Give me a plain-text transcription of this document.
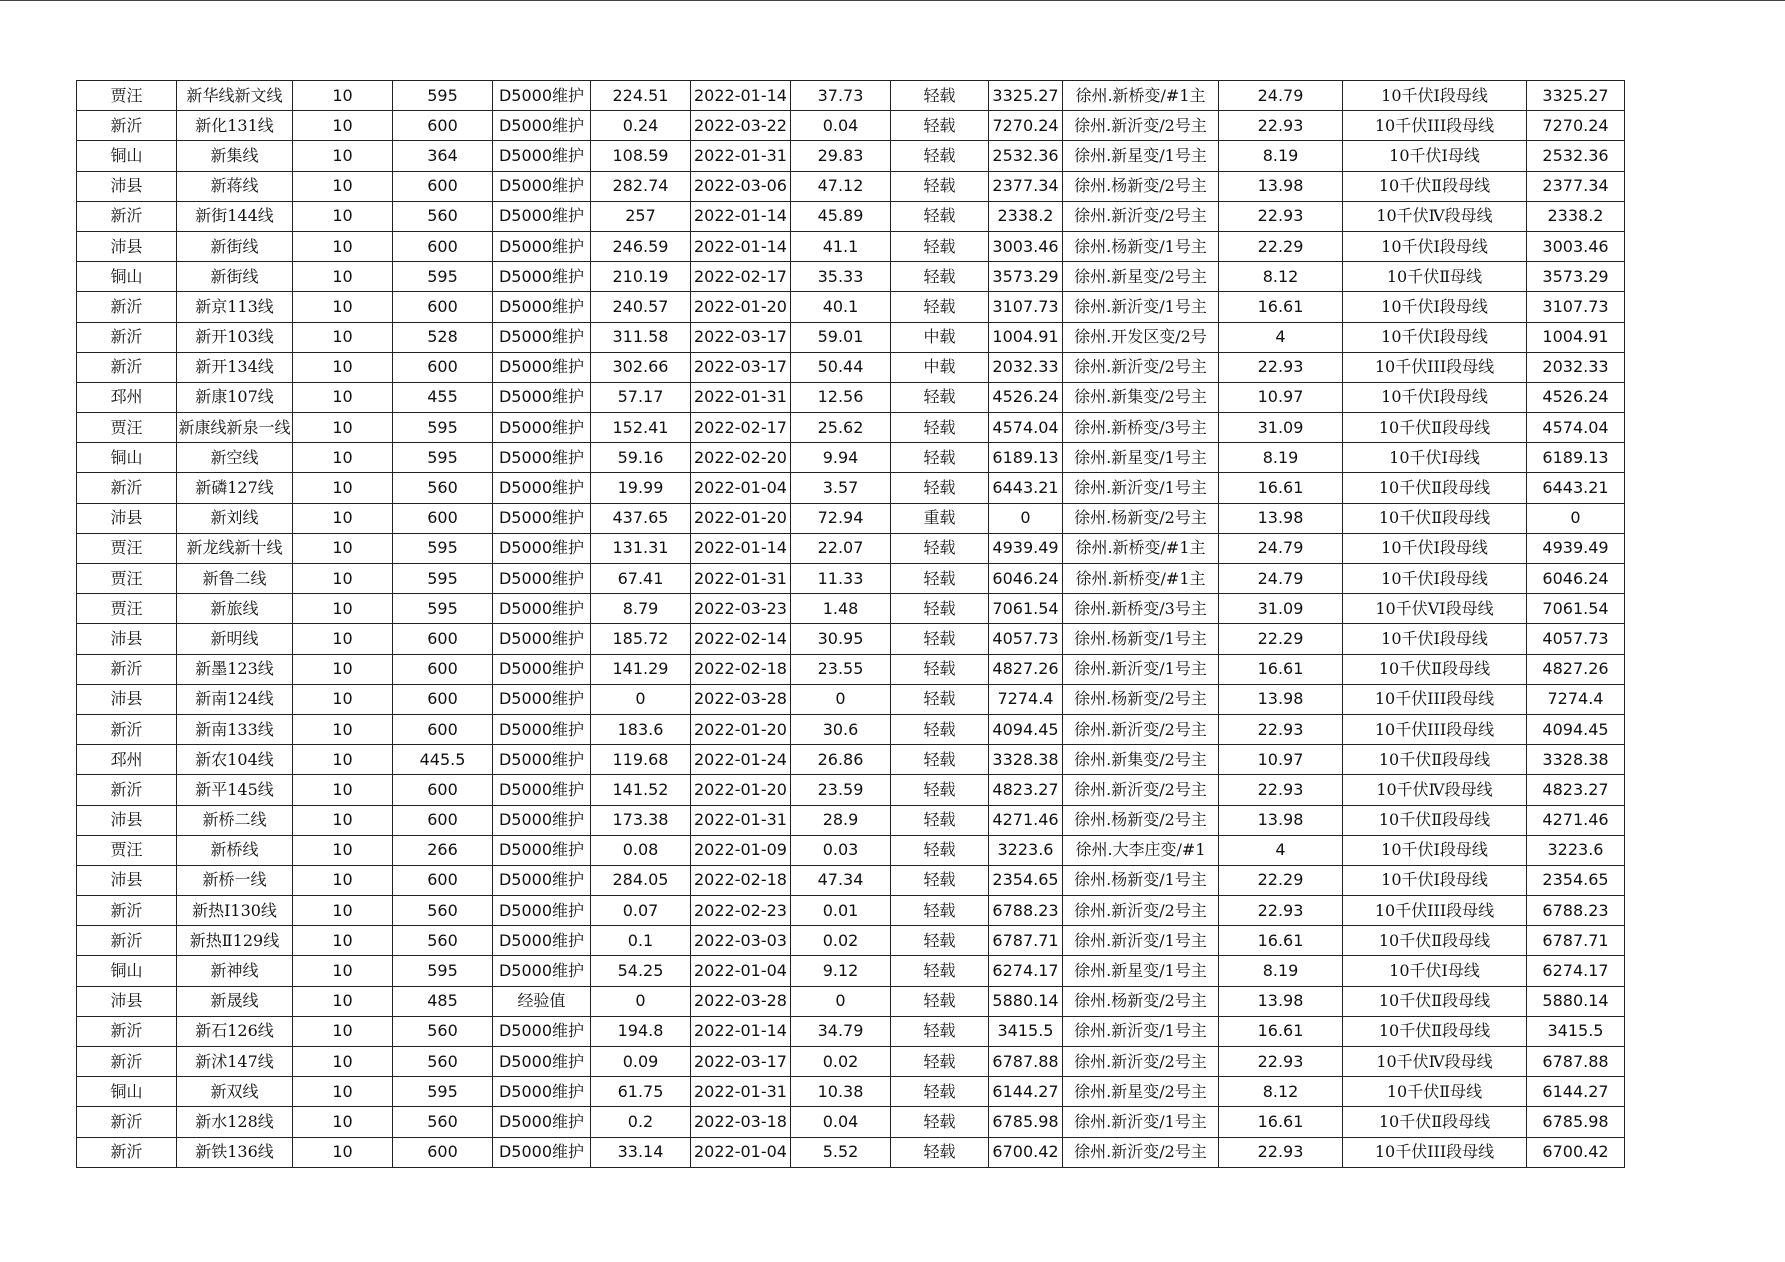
贾汪	新华线新文线	10	595	D5000维护	224.51	2022-01-14	37.73	轻载	3325.27	徐州.新桥变/#1主	24.79	10千伏Ⅰ段母线	3325.27
新沂	新化131线	10	600	D5000维护	0.24	2022-03-22	0.04	轻载	7270.24	徐州.新沂变/2号主	22.93	10千伏III段母线	7270.24
铜山	新集线	10	364	D5000维护	108.59	2022-01-31	29.83	轻载	2532.36	徐州.新星变/1号主	8.19	10千伏Ⅰ母线	2532.36
沛县	新蒋线	10	600	D5000维护	282.74	2022-03-06	47.12	轻载	2377.34	徐州.杨新变/2号主	13.98	10千伏Ⅱ段母线	2377.34
新沂	新街144线	10	560	D5000维护	257	2022-01-14	45.89	轻载	2338.2	徐州.新沂变/2号主	22.93	10千伏Ⅳ段母线	2338.2
沛县	新街线	10	600	D5000维护	246.59	2022-01-14	41.1	轻载	3003.46	徐州.杨新变/1号主	22.29	10千伏Ⅰ段母线	3003.46
铜山	新街线	10	595	D5000维护	210.19	2022-02-17	35.33	轻载	3573.29	徐州.新星变/2号主	8.12	10千伏Ⅱ母线	3573.29
新沂	新京113线	10	600	D5000维护	240.57	2022-01-20	40.1	轻载	3107.73	徐州.新沂变/1号主	16.61	10千伏Ⅰ段母线	3107.73
新沂	新开103线	10	528	D5000维护	311.58	2022-03-17	59.01	中载	1004.91	徐州.开发区变/2号	4	10千伏Ⅰ段母线	1004.91
新沂	新开134线	10	600	D5000维护	302.66	2022-03-17	50.44	中载	2032.33	徐州.新沂变/2号主	22.93	10千伏III段母线	2032.33
邳州	新康107线	10	455	D5000维护	57.17	2022-01-31	12.56	轻载	4526.24	徐州.新集变/2号主	10.97	10千伏Ⅰ段母线	4526.24
贾汪	新康线新泉一线	10	595	D5000维护	152.41	2022-02-17	25.62	轻载	4574.04	徐州.新桥变/3号主	31.09	10千伏Ⅱ段母线	4574.04
铜山	新空线	10	595	D5000维护	59.16	2022-02-20	9.94	轻载	6189.13	徐州.新星变/1号主	8.19	10千伏Ⅰ母线	6189.13
新沂	新磷127线	10	560	D5000维护	19.99	2022-01-04	3.57	轻载	6443.21	徐州.新沂变/1号主	16.61	10千伏Ⅱ段母线	6443.21
沛县	新刘线	10	600	D5000维护	437.65	2022-01-20	72.94	重载	0	徐州.杨新变/2号主	13.98	10千伏Ⅱ段母线	0
贾汪	新龙线新十线	10	595	D5000维护	131.31	2022-01-14	22.07	轻载	4939.49	徐州.新桥变/#1主	24.79	10千伏Ⅰ段母线	4939.49
贾汪	新鲁二线	10	595	D5000维护	67.41	2022-01-31	11.33	轻载	6046.24	徐州.新桥变/#1主	24.79	10千伏Ⅰ段母线	6046.24
贾汪	新旅线	10	595	D5000维护	8.79	2022-03-23	1.48	轻载	7061.54	徐州.新桥变/3号主	31.09	10千伏VI段母线	7061.54
沛县	新明线	10	600	D5000维护	185.72	2022-02-14	30.95	轻载	4057.73	徐州.杨新变/1号主	22.29	10千伏Ⅰ段母线	4057.73
新沂	新墨123线	10	600	D5000维护	141.29	2022-02-18	23.55	轻载	4827.26	徐州.新沂变/1号主	16.61	10千伏Ⅱ段母线	4827.26
沛县	新南124线	10	600	D5000维护	0	2022-03-28	0	轻载	7274.4	徐州.杨新变/2号主	13.98	10千伏III段母线	7274.4
新沂	新南133线	10	600	D5000维护	183.6	2022-01-20	30.6	轻载	4094.45	徐州.新沂变/2号主	22.93	10千伏III段母线	4094.45
邳州	新农104线	10	445.5	D5000维护	119.68	2022-01-24	26.86	轻载	3328.38	徐州.新集变/2号主	10.97	10千伏Ⅱ段母线	3328.38
新沂	新平145线	10	600	D5000维护	141.52	2022-01-20	23.59	轻载	4823.27	徐州.新沂变/2号主	22.93	10千伏Ⅳ段母线	4823.27
沛县	新桥二线	10	600	D5000维护	173.38	2022-01-31	28.9	轻载	4271.46	徐州.杨新变/2号主	13.98	10千伏Ⅱ段母线	4271.46
贾汪	新桥线	10	266	D5000维护	0.08	2022-01-09	0.03	轻载	3223.6	徐州.大李庄变/#1	4	10千伏Ⅰ段母线	3223.6
沛县	新桥一线	10	600	D5000维护	284.05	2022-02-18	47.34	轻载	2354.65	徐州.杨新变/1号主	22.29	10千伏Ⅰ段母线	2354.65
新沂	新热Ⅰ130线	10	560	D5000维护	0.07	2022-02-23	0.01	轻载	6788.23	徐州.新沂变/2号主	22.93	10千伏III段母线	6788.23
新沂	新热Ⅱ129线	10	560	D5000维护	0.1	2022-03-03	0.02	轻载	6787.71	徐州.新沂变/1号主	16.61	10千伏Ⅱ段母线	6787.71
铜山	新神线	10	595	D5000维护	54.25	2022-01-04	9.12	轻载	6274.17	徐州.新星变/1号主	8.19	10千伏Ⅰ母线	6274.17
沛县	新晟线	10	485	经验值	0	2022-03-28	0	轻载	5880.14	徐州.杨新变/2号主	13.98	10千伏Ⅱ段母线	5880.14
新沂	新石126线	10	560	D5000维护	194.8	2022-01-14	34.79	轻载	3415.5	徐州.新沂变/1号主	16.61	10千伏Ⅱ段母线	3415.5
新沂	新沭147线	10	560	D5000维护	0.09	2022-03-17	0.02	轻载	6787.88	徐州.新沂变/2号主	22.93	10千伏Ⅳ段母线	6787.88
铜山	新双线	10	595	D5000维护	61.75	2022-01-31	10.38	轻载	6144.27	徐州.新星变/2号主	8.12	10千伏Ⅱ母线	6144.27
新沂	新水128线	10	560	D5000维护	0.2	2022-03-18	0.04	轻载	6785.98	徐州.新沂变/1号主	16.61	10千伏Ⅱ段母线	6785.98
新沂	新铁136线	10	600	D5000维护	33.14	2022-01-04	5.52	轻载	6700.42	徐州.新沂变/2号主	22.93	10千伏III段母线	6700.42
